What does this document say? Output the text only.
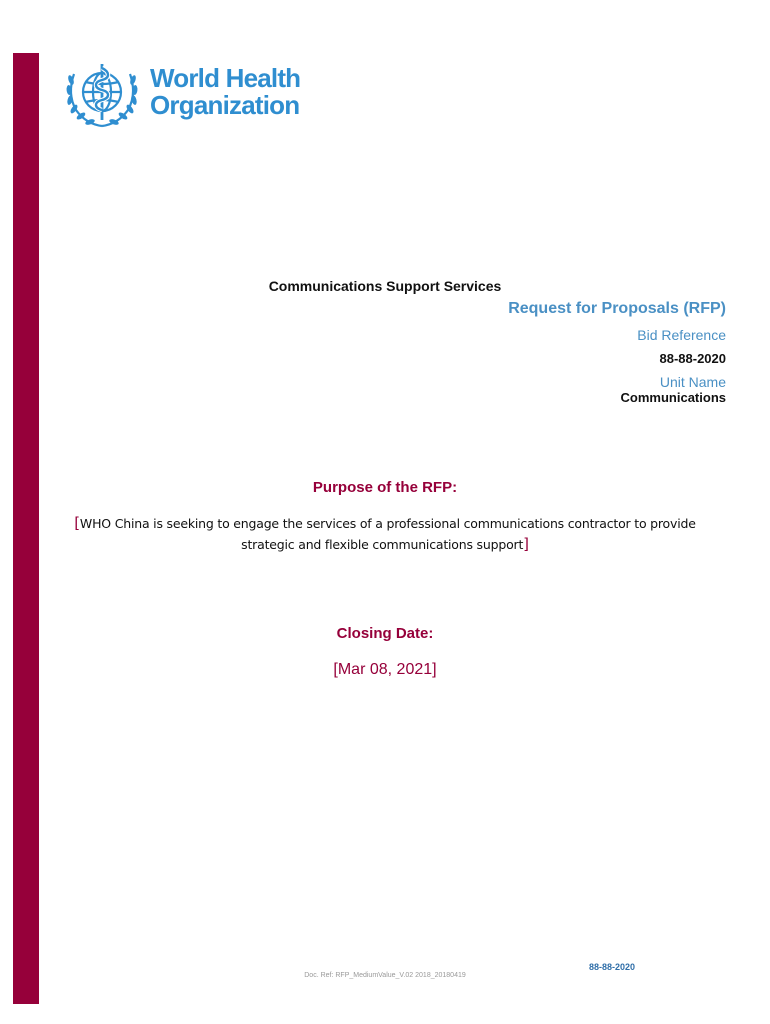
World Health
Organization
Communications Support Services
Request for Proposals (RFP)
Bid Reference
88-88-2020
Unit Name
Communications
Purpose of the RFP:
[WHO China is seeking to engage the services of a professional communications contractor to provide strategic and flexible communications support]
Closing Date:
[Mar 08, 2021]
88-88-2020
Doc. Ref: RFP_MediumValue_V.02 2018_20180419
